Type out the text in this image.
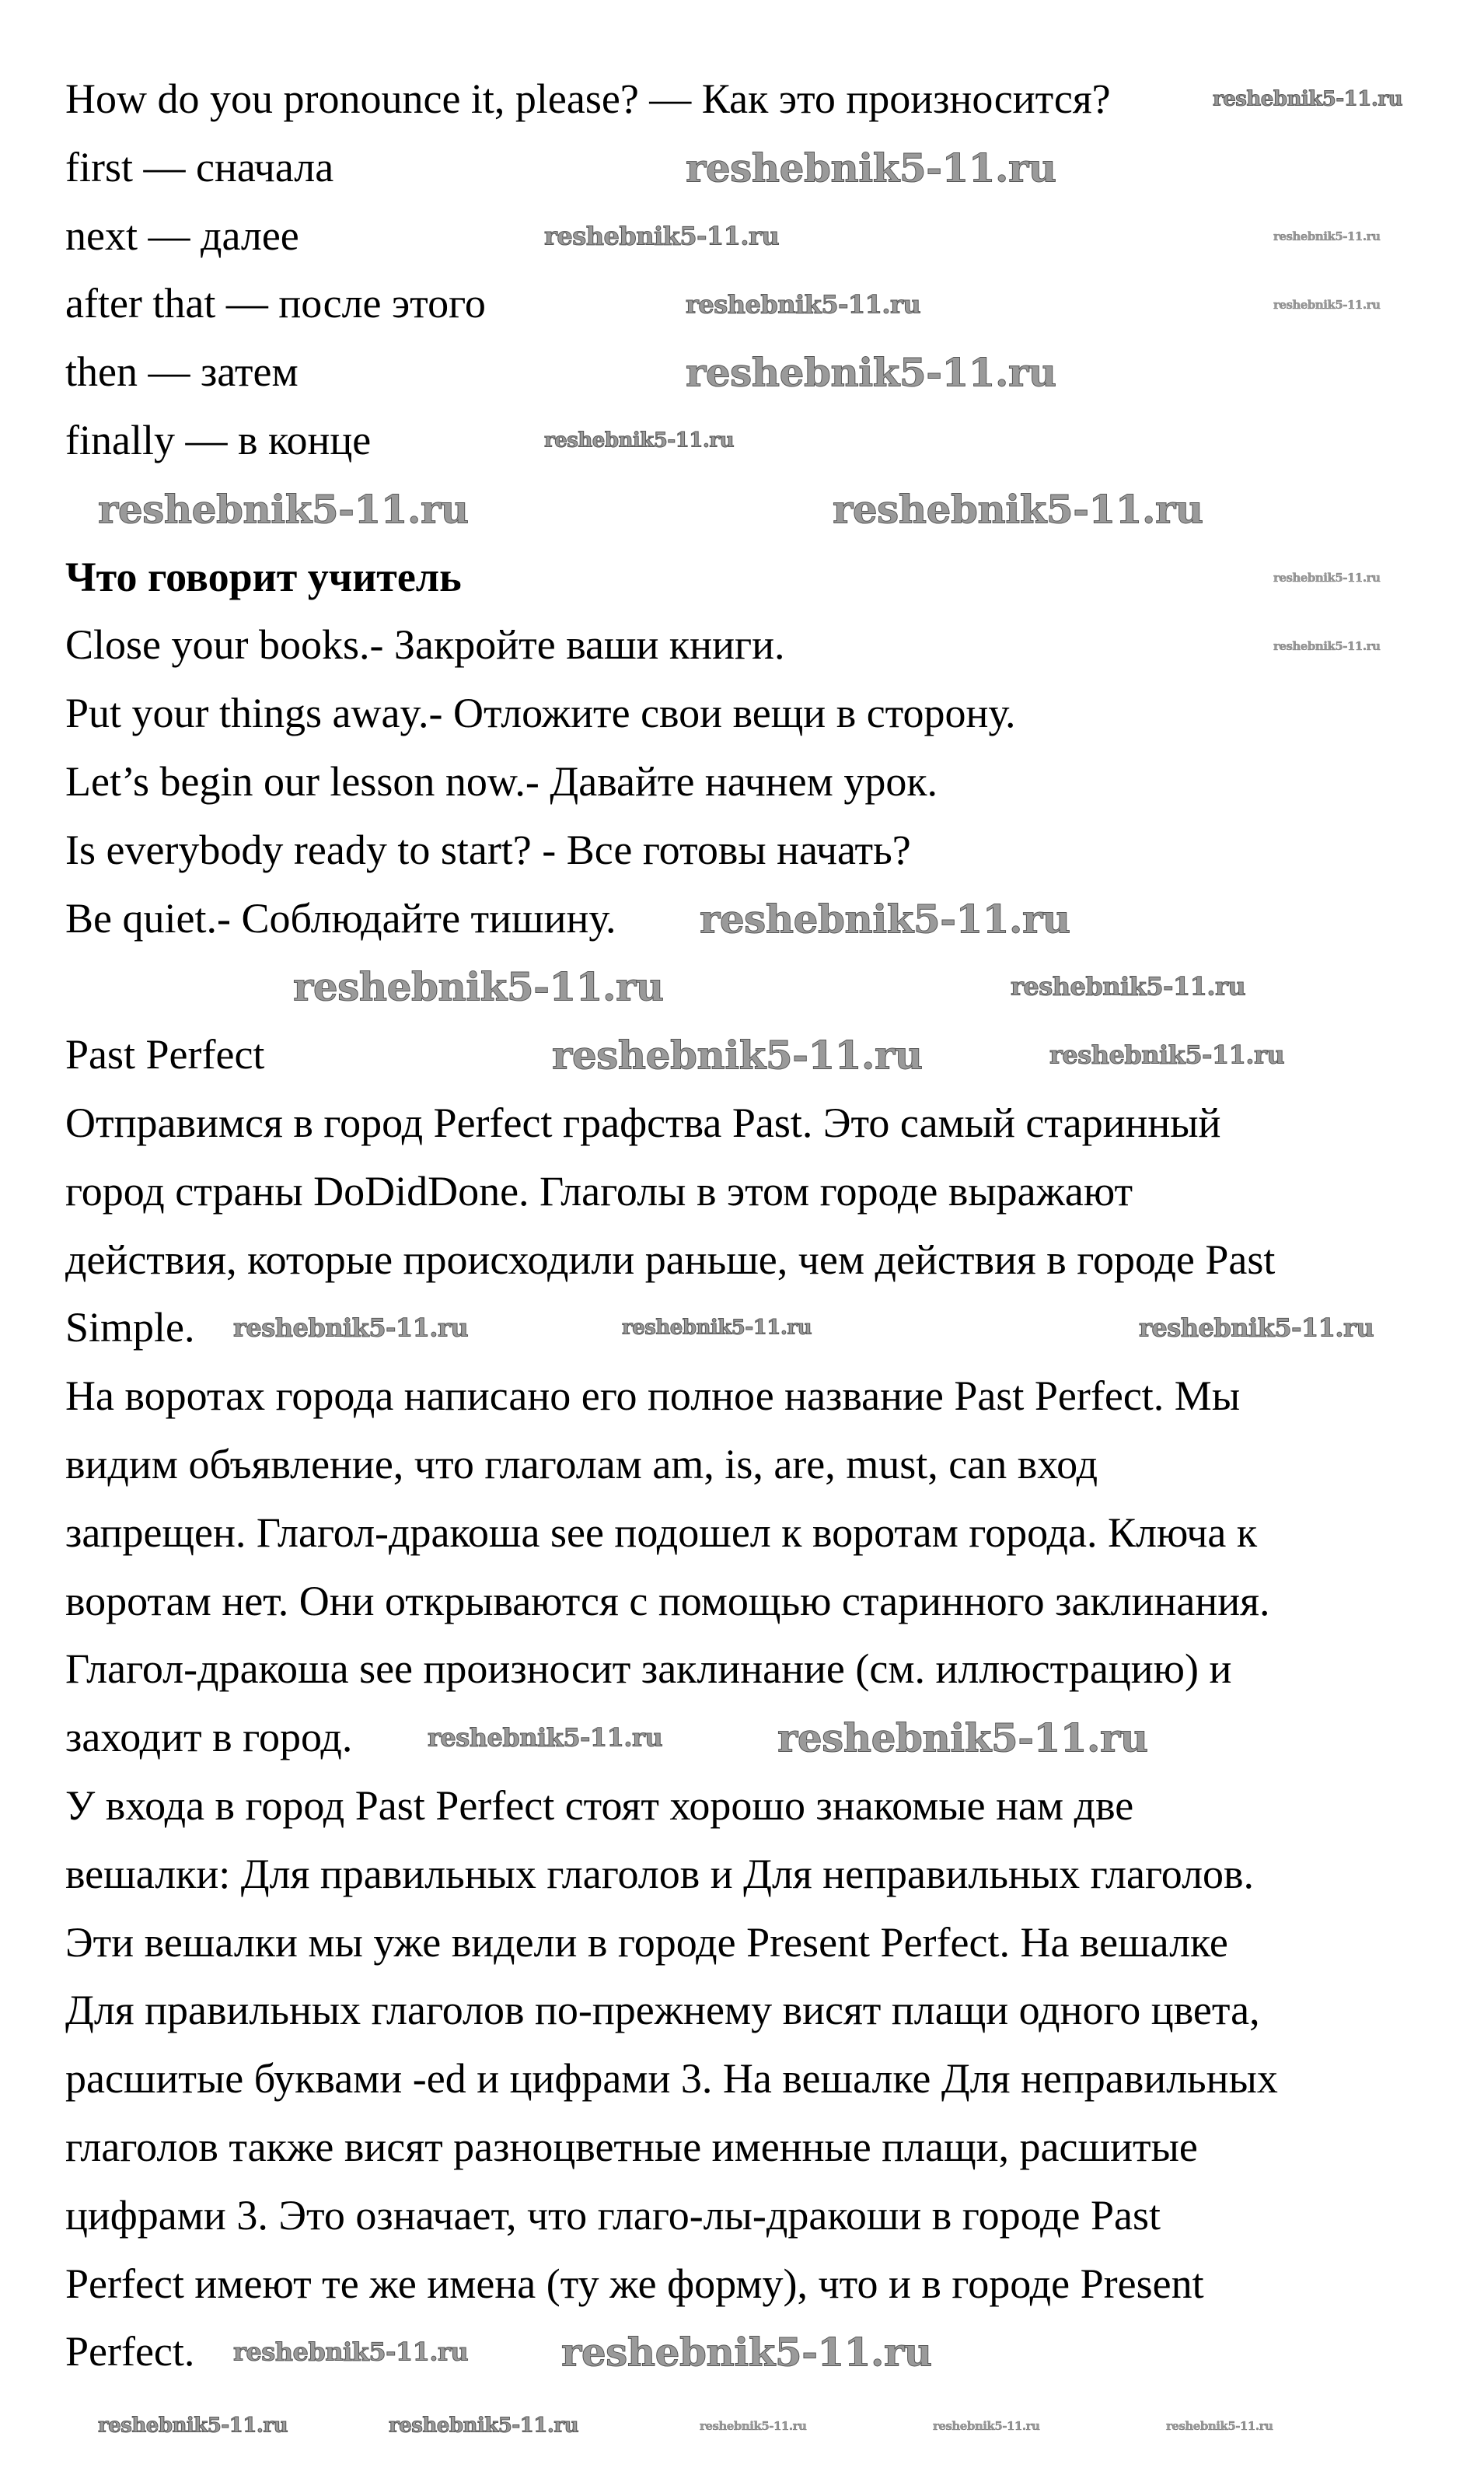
How do you pronounce it, please? — Как это произносится?
first — сначала
next — далее
after that — после этого
then — затем
finally — в конце
Что говорит учитель
Close your books.- Закройте ваши книги.
Put your things away.- Отложите свои вещи в сторону.
Let’s begin our lesson now.- Давайте начнем урок.
Is everybody ready to start? - Все готовы начать?
Be quiet.- Соблюдайте тишину.
Past Perfect
Отправимся в город Perfect графства Past. Это самый старинный
город страны DoDidDone. Глаголы в этом городе выражают
действия, которые происходили раньше, чем действия в городе Past
Simple.
На воротах города написано его полное название Past Perfect. Мы
видим объявление, что глаголам am, is, are, must, can вход
запрещен. Глагол-дракоша see подошел к воротам города. Ключа к
воротам нет. Они открываются с помощью старинного заклинания.
Глагол-дракоша see произносит заклинание (см. иллюстрацию) и
заходит в город.
У входа в город Past Perfect стоят хорошо знакомые нам две
вешалки: Для правильных глаголов и Для неправильных глаголов.
Эти вешалки мы уже видели в городе Present Perfect. На вешалке
Для правильных глаголов по-прежнему висят плащи одного цвета,
расшитые буквами -ed и цифрами 3. На вешалке Для неправильных
глаголов также висят разноцветные именные плащи, расшитые
цифрами 3. Это означает, что глаго-лы-дракоши в городе Past
Perfect имеют те же имена (ту же форму), что и в городе Present
Perfect.
reshebnik5-11.ru
reshebnik5-11.ru
reshebnik5-11.ru	reshebnik5-11.ru
reshebnik5-11.ru	reshebnik5-11.ru
reshebnik5-11.ru
reshebnik5-11.ru
reshebnik5-11.ru	reshebnik5-11.ru
reshebnik5-11.ru
reshebnik5-11.ru
reshebnik5-11.ru
reshebnik5-11.ru	reshebnik5-11.ru
reshebnik5-11.ru	reshebnik5-11.ru
reshebnik5-11.ru	reshebnik5-11.ru	reshebnik5-11.ru
reshebnik5-11.ru	reshebnik5-11.ru
reshebnik5-11.ru reshebnik5-11.ru
reshebnik5-11.ru	reshebnik5-11.ru	reshebnik5-11.ru	reshebnik5-11.ru	reshebnik5-11.ru
